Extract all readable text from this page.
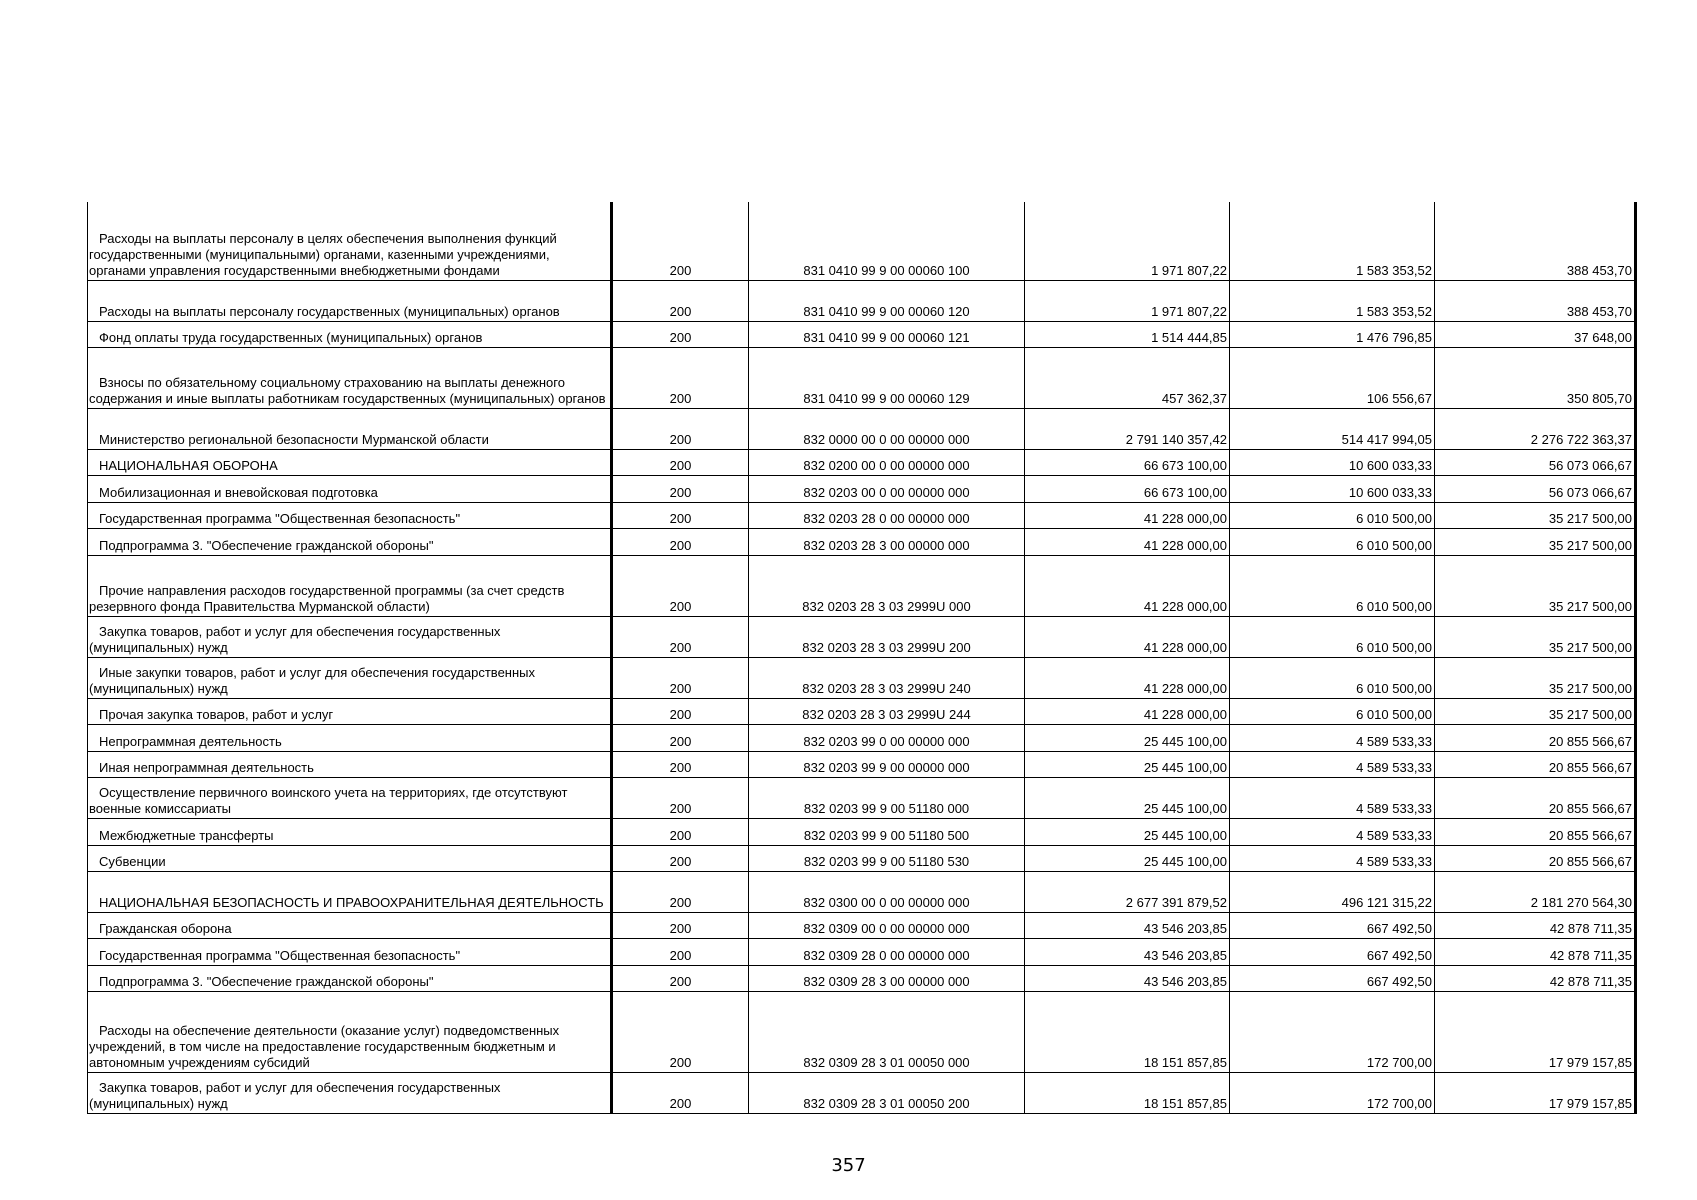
Расходы на выплаты персоналу в целях обеспечения выполнения функций государственными (муниципальными) органами, казенными учреждениями, органами управления государственными внебюджетными фондами	200	831 0410 99 9 00 00060 100	1 971 807,22	1 583 353,52	388 453,70

Расходы на выплаты персоналу государственных (муниципальных) органов	200	831 0410 99 9 00 00060 120	1 971 807,22	1 583 353,52	388 453,70

Фонд оплаты труда государственных (муниципальных) органов	200	831 0410 99 9 00 00060 121	1 514 444,85	1 476 796,85	37 648,00

Взносы по обязательному социальному страхованию на выплаты денежного содержания и иные выплаты работникам государственных (муниципальных) органов	200	831 0410 99 9 00 00060 129	457 362,37	106 556,67	350 805,70

Министерство региональной безопасности Мурманской области	200	832 0000 00 0 00 00000 000	2 791 140 357,42	514 417 994,05	2 276 722 363,37

НАЦИОНАЛЬНАЯ ОБОРОНА	200	832 0200 00 0 00 00000 000	66 673 100,00	10 600 033,33	56 073 066,67

Мобилизационная и вневойсковая подготовка	200	832 0203 00 0 00 00000 000	66 673 100,00	10 600 033,33	56 073 066,67

Государственная программа "Общественная безопасность"	200	832 0203 28 0 00 00000 000	41 228 000,00	6 010 500,00	35 217 500,00

Подпрограмма 3. "Обеспечение гражданской обороны"	200	832 0203 28 3 00 00000 000	41 228 000,00	6 010 500,00	35 217 500,00

Прочие направления расходов государственной программы (за счет средств резервного фонда Правительства Мурманской области)	200	832 0203 28 3 03 2999U 000	41 228 000,00	6 010 500,00	35 217 500,00

Закупка товаров, работ и услуг для обеспечения государственных (муниципальных) нужд	200	832 0203 28 3 03 2999U 200	41 228 000,00	6 010 500,00	35 217 500,00

Иные закупки товаров, работ и услуг для обеспечения государственных (муниципальных) нужд	200	832 0203 28 3 03 2999U 240	41 228 000,00	6 010 500,00	35 217 500,00

Прочая закупка товаров, работ и услуг	200	832 0203 28 3 03 2999U 244	41 228 000,00	6 010 500,00	35 217 500,00

Непрограммная деятельность	200	832 0203 99 0 00 00000 000	25 445 100,00	4 589 533,33	20 855 566,67

Иная непрограммная деятельность	200	832 0203 99 9 00 00000 000	25 445 100,00	4 589 533,33	20 855 566,67

Осуществление первичного воинского учета на территориях, где отсутствуют военные комиссариаты	200	832 0203 99 9 00 51180 000	25 445 100,00	4 589 533,33	20 855 566,67

Межбюджетные трансферты	200	832 0203 99 9 00 51180 500	25 445 100,00	4 589 533,33	20 855 566,67

Субвенции	200	832 0203 99 9 00 51180 530	25 445 100,00	4 589 533,33	20 855 566,67

НАЦИОНАЛЬНАЯ БЕЗОПАСНОСТЬ И ПРАВООХРАНИТЕЛЬНАЯ ДЕЯТЕЛЬНОСТЬ	200	832 0300 00 0 00 00000 000	2 677 391 879,52	496 121 315,22	2 181 270 564,30

Гражданская оборона	200	832 0309 00 0 00 00000 000	43 546 203,85	667 492,50	42 878 711,35

Государственная программа "Общественная безопасность"	200	832 0309 28 0 00 00000 000	43 546 203,85	667 492,50	42 878 711,35

Подпрограмма 3. "Обеспечение гражданской обороны"	200	832 0309 28 3 00 00000 000	43 546 203,85	667 492,50	42 878 711,35

Расходы на обеспечение деятельности (оказание услуг) подведомственных учреждений, в том числе на предоставление государственным бюджетным и автономным учреждениям субсидий	200	832 0309 28 3 01 00050 000	18 151 857,85	172 700,00	17 979 157,85

Закупка товаров, работ и услуг для обеспечения государственных (муниципальных) нужд	200	832 0309 28 3 01 00050 200	18 151 857,85	172 700,00	17 979 157,85
357
